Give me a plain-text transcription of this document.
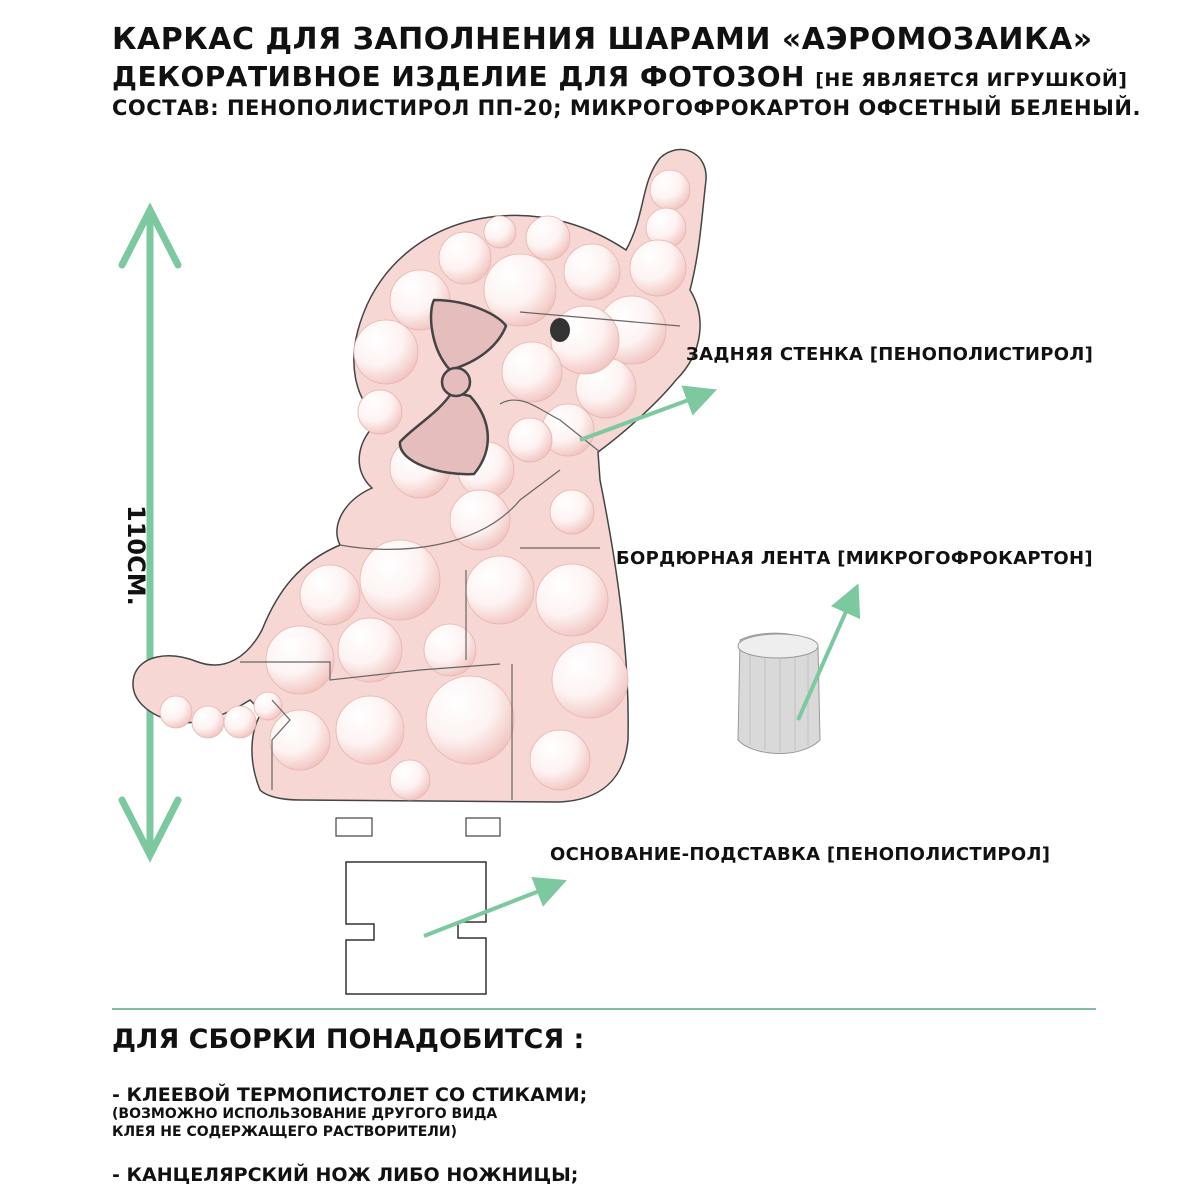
КАРКАС ДЛЯ ЗАПОЛНЕНИЯ ШАРАМИ «АЭРОМОЗАИКА»
ДЕКОРАТИВНОЕ ИЗДЕЛИЕ ДЛЯ ФОТОЗОН [НЕ ЯВЛЯЕТСЯ ИГРУШКОЙ]
СОСТАВ: ПЕНОПОЛИСТИРОЛ ПП-20; МИКРОГОФРОКАРТОН ОФСЕТНЫЙ БЕЛЕНЫЙ.
ЗАДНЯЯ СТЕНКА [ПЕНОПОЛИСТИРОЛ]
БОРДЮРНАЯ ЛЕНТА [МИКРОГОФРОКАРТОН]
ОСНОВАНИЕ-ПОДСТАВКА [ПЕНОПОЛИСТИРОЛ]
110СМ.
ДЛЯ СБОРКИ ПОНАДОБИТСЯ :
- КЛЕЕВОЙ ТЕРМОПИСТОЛЕТ СО СТИКАМИ;
(ВОЗМОЖНО ИСПОЛЬЗОВАНИЕ ДРУГОГО ВИДА
КЛЕЯ НЕ СОДЕРЖАЩЕГО РАСТВОРИТЕЛИ)
- КАНЦЕЛЯРСКИЙ НОЖ ЛИБО НОЖНИЦЫ;
